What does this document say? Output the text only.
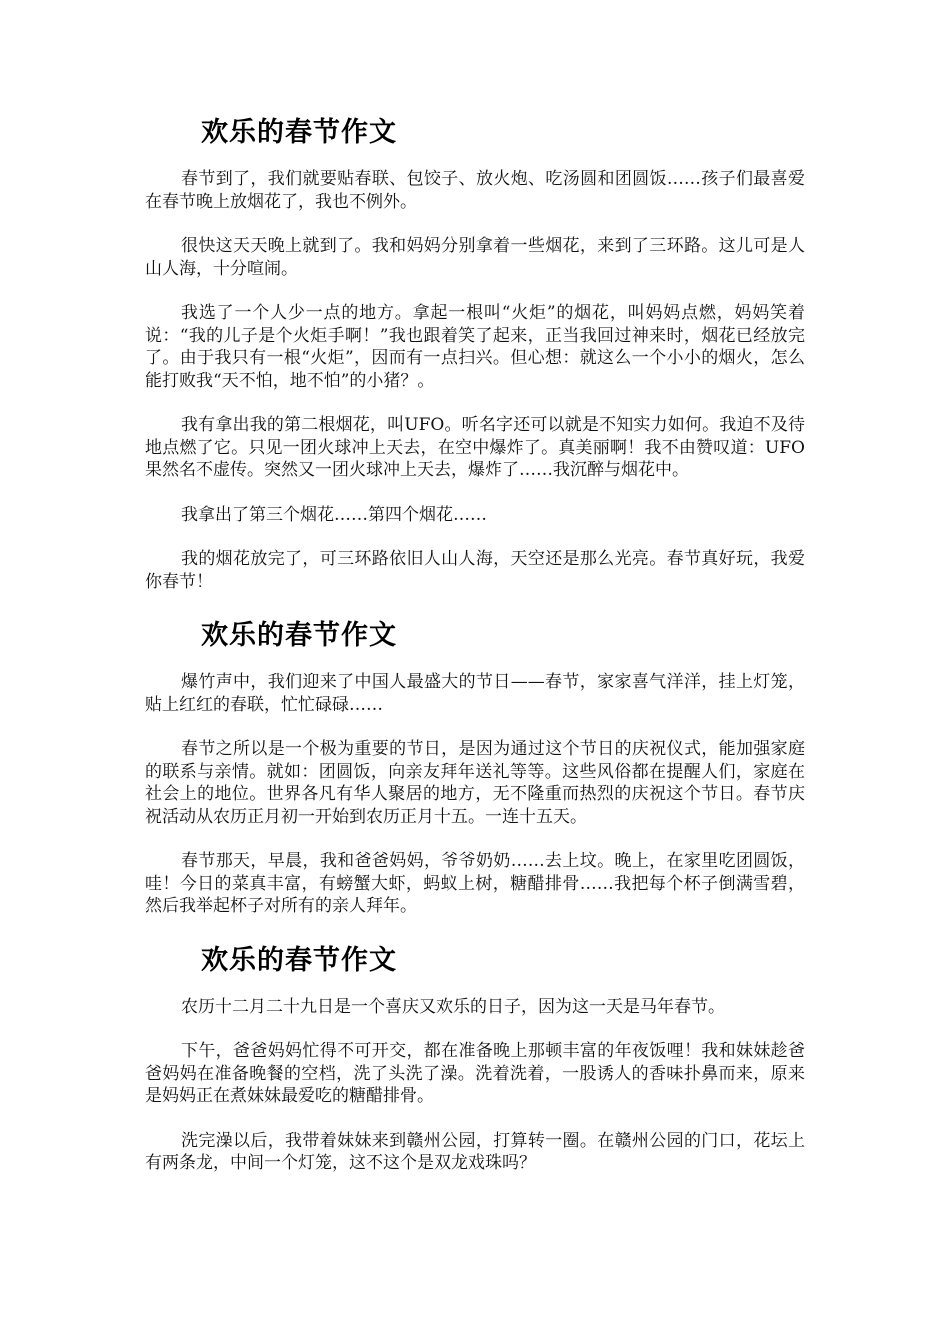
欢乐的春节作文

春节到了，我们就要贴春联、包饺子、放火炮、吃汤圆和团圆饭……孩子们最喜爱在春节晚上放烟花了，我也不例外。

很快这天天晚上就到了。我和妈妈分别拿着一些烟花，来到了三环路。这儿可是人山人海，十分喧闹。

我选了一个人少一点的地方。拿起一根叫“火炬”的烟花，叫妈妈点燃，妈妈笑着说：“我的儿子是个火炬手啊！”我也跟着笑了起来，正当我回过神来时，烟花已经放完了。由于我只有一根“火炬”，因而有一点扫兴。但心想：就这么一个小小的烟火，怎么能打败我“天不怕，地不怕”的小猪？。

我有拿出我的第二根烟花，叫UFO。听名字还可以就是不知实力如何。我迫不及待地点燃了它。只见一团火球冲上天去，在空中爆炸了。真美丽啊！我不由赞叹道：UFO果然名不虚传。突然又一团火球冲上天去，爆炸了……我沉醉与烟花中。

我拿出了第三个烟花……第四个烟花……

我的烟花放完了，可三环路依旧人山人海，天空还是那么光亮。春节真好玩，我爱你春节！

欢乐的春节作文

爆竹声中，我们迎来了中国人最盛大的节日——春节，家家喜气洋洋，挂上灯笼，贴上红红的春联，忙忙碌碌……

春节之所以是一个极为重要的节日，是因为通过这个节日的庆祝仪式，能加强家庭的联系与亲情。就如：团圆饭，向亲友拜年送礼等等。这些风俗都在提醒人们，家庭在社会上的地位。世界各凡有华人聚居的地方，无不隆重而热烈的庆祝这个节日。春节庆祝活动从农历正月初一开始到农历正月十五。一连十五天。

春节那天，早晨，我和爸爸妈妈，爷爷奶奶……去上坟。晚上，在家里吃团圆饭，哇！今日的菜真丰富，有螃蟹大虾，蚂蚁上树，糖醋排骨……我把每个杯子倒满雪碧，然后我举起杯子对所有的亲人拜年。

欢乐的春节作文

农历十二月二十九日是一个喜庆又欢乐的日子，因为这一天是马年春节。

下午，爸爸妈妈忙得不可开交，都在准备晚上那顿丰富的年夜饭哩！我和妹妹趁爸爸妈妈在准备晚餐的空档，洗了头洗了澡。洗着洗着，一股诱人的香味扑鼻而来，原来是妈妈正在煮妹妹最爱吃的糖醋排骨。

洗完澡以后，我带着妹妹来到赣州公园，打算转一圈。在赣州公园的门口，花坛上有两条龙，中间一个灯笼，这不这个是双龙戏珠吗？
